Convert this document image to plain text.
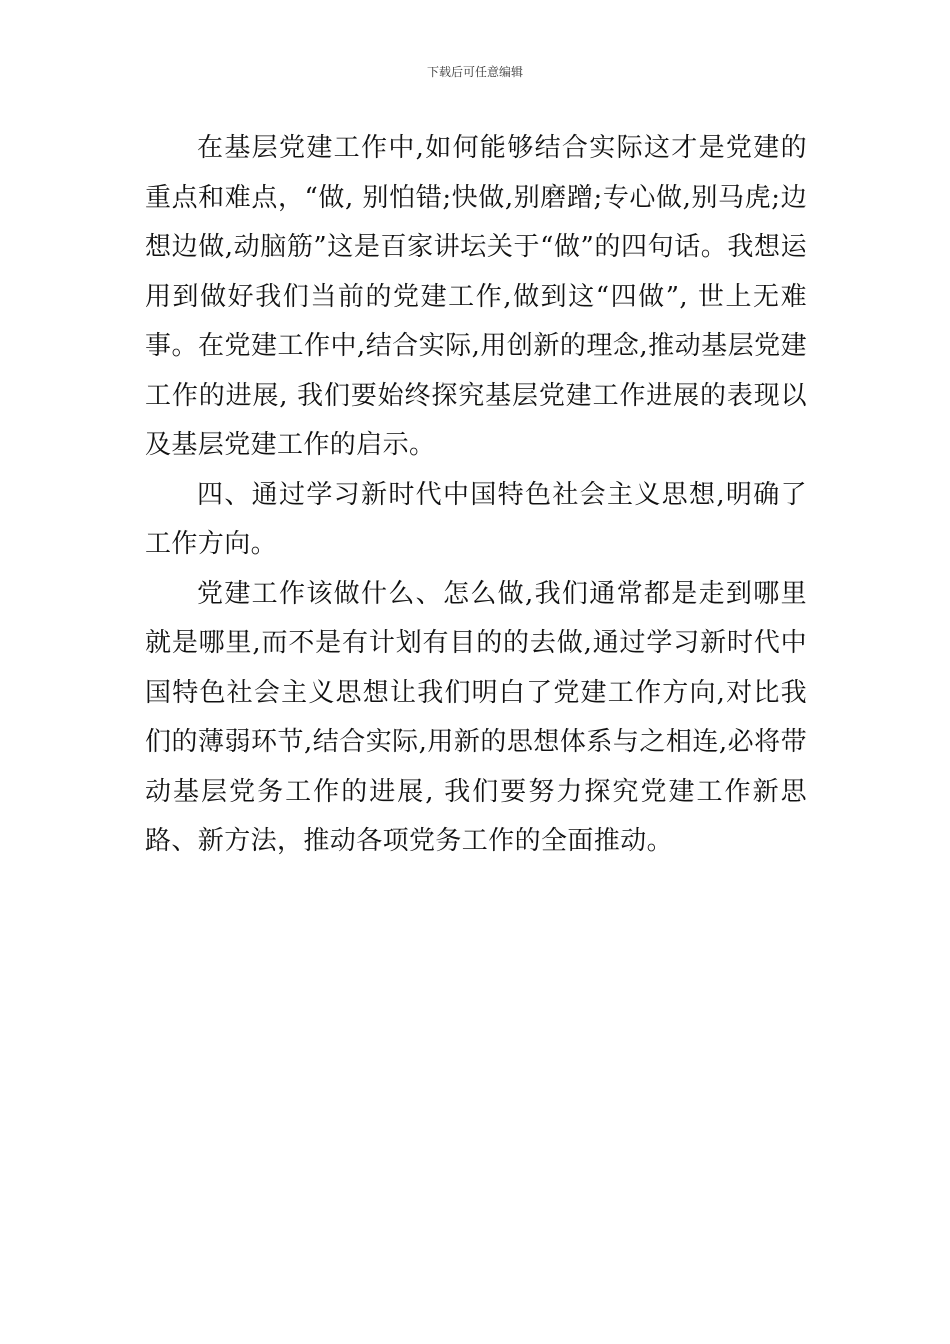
下载后可任意编辑

在基层党建工作中,如何能够结合实际这才是党建的重点和难点，“做, 别怕错;快做,别磨蹭;专心做,别马虎;边想边做,动脑筋”这是百家讲坛关于“做”的四句话。我想运用到做好我们当前的党建工作,做到这“四做”, 世上无难事。在党建工作中,结合实际,用创新的理念,推动基层党建工作的进展, 我们要始终探究基层党建工作进展的表现以及基层党建工作的启示。

四、通过学习新时代中国特色社会主义思想,明确了工作方向。

党建工作该做什么、怎么做,我们通常都是走到哪里就是哪里,而不是有计划有目的的去做,通过学习新时代中国特色社会主义思想让我们明白了党建工作方向,对比我们的薄弱环节,结合实际,用新的思想体系与之相连,必将带动基层党务工作的进展, 我们要努力探究党建工作新思路、新方法，推动各项党务工作的全面推动。
